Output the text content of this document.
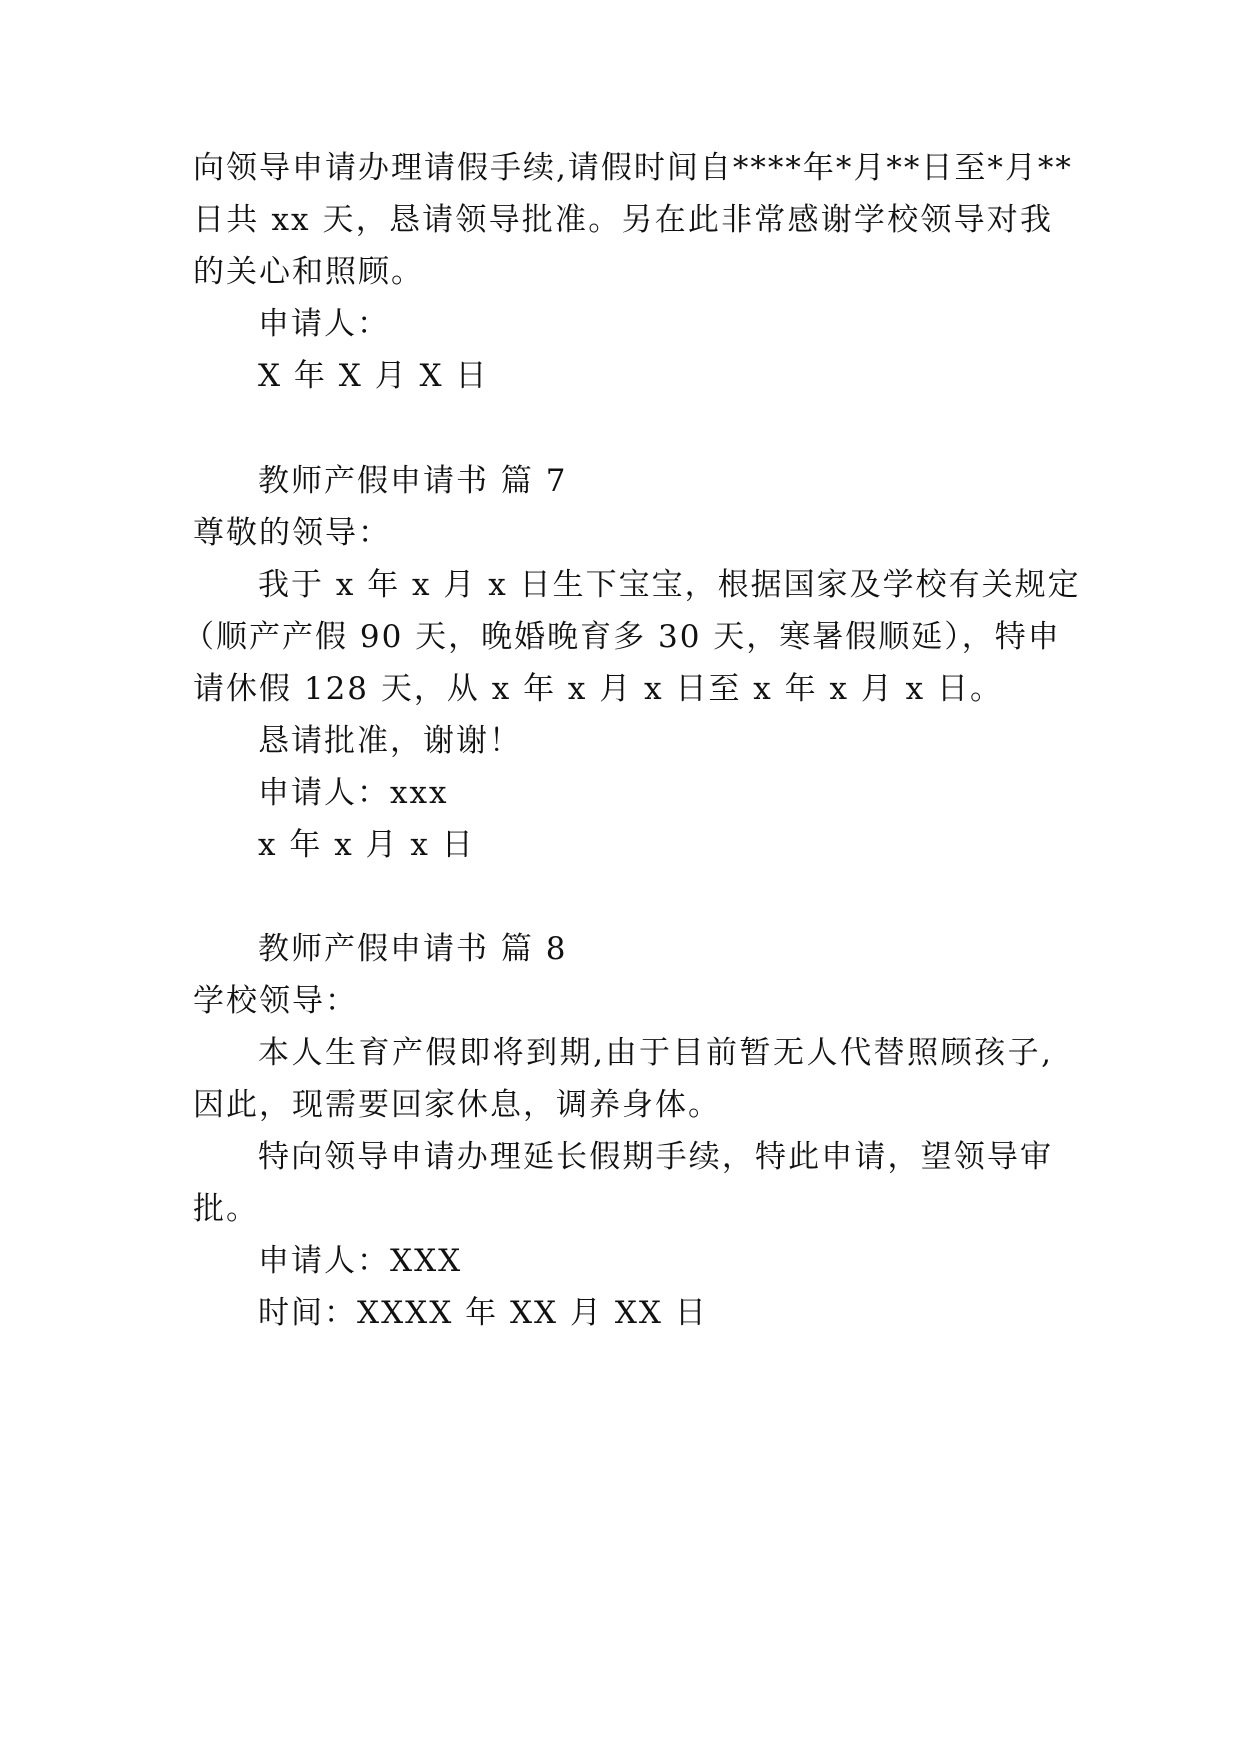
向领导申请办理请假手续,请假时间自****年*月**日至*月**
日共 xx 天，恳请领导批准。另在此非常感谢学校领导对我
的关心和照顾。
申请人：
X 年 X 月 X 日
教师产假申请书 篇 7
尊敬的领导：
我于 x 年 x 月 x 日生下宝宝，根据国家及学校有关规定
（顺产产假 90 天，晚婚晚育多 30 天，寒暑假顺延），特申
请休假 128 天，从 x 年 x 月 x 日至 x 年 x 月 x 日。
恳请批准，谢谢！
申请人：xxx
x 年 x 月 x 日
教师产假申请书 篇 8
学校领导：
本人生育产假即将到期,由于目前暂无人代替照顾孩子,
因此，现需要回家休息，调养身体。
特向领导申请办理延长假期手续，特此申请，望领导审
批。
申请人：XXX
时间：XXXX 年 XX 月 XX 日
